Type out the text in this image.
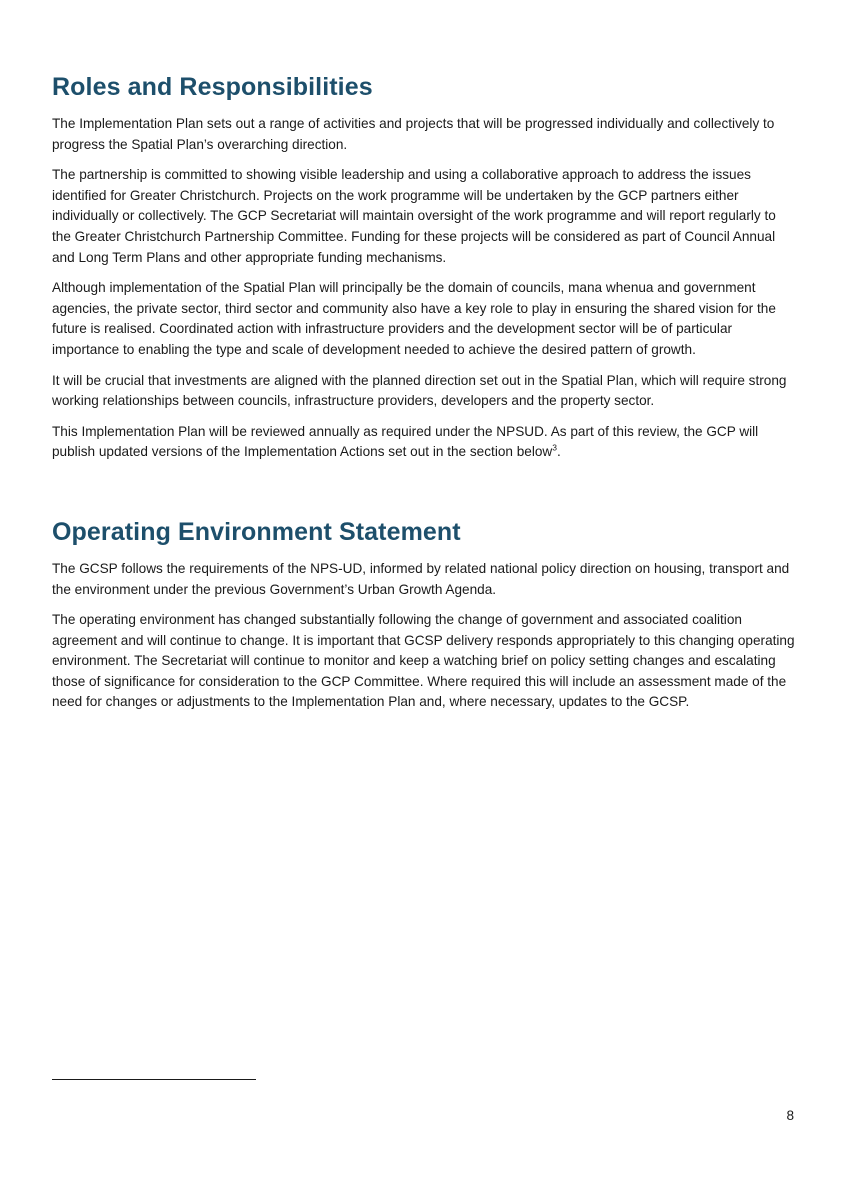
Roles and Responsibilities

The Implementation Plan sets out a range of activities and projects that will be progressed individually and collectively to progress the Spatial Plan’s overarching direction.

The partnership is committed to showing visible leadership and using a collaborative approach to address the issues identified for Greater Christchurch. Projects on the work programme will be undertaken by the GCP partners either individually or collectively. The GCP Secretariat will maintain oversight of the work programme and will report regularly to the Greater Christchurch Partnership Committee. Funding for these projects will be considered as part of Council Annual and Long Term Plans and other appropriate funding mechanisms.

Although implementation of the Spatial Plan will principally be the domain of councils, mana whenua and government agencies, the private sector, third sector and community also have a key role to play in ensuring the shared vision for the future is realised. Coordinated action with infrastructure providers and the development sector will be of particular importance to enabling the type and scale of development needed to achieve the desired pattern of growth.

It will be crucial that investments are aligned with the planned direction set out in the Spatial Plan, which will require strong working relationships between councils, infrastructure providers, developers and the property sector.

This Implementation Plan will be reviewed annually as required under the NPSUD. As part of this review, the GCP will publish updated versions of the Implementation Actions set out in the section below$^3$.

Operating Environment Statement

The GCSP follows the requirements of the NPS-UD, informed by related national policy direction on housing, transport and the environment under the previous Government’s Urban Growth Agenda.

The operating environment has changed substantially following the change of government and associated coalition agreement and will continue to change. It is important that GCSP delivery responds appropriately to this changing operating environment. The Secretariat will continue to monitor and keep a watching brief on policy setting changes and escalating those of significance for consideration to the GCP Committee. Where required this will include an assessment made of the need for changes or adjustments to the Implementation Plan and, where necessary, updates to the GCSP.

8
